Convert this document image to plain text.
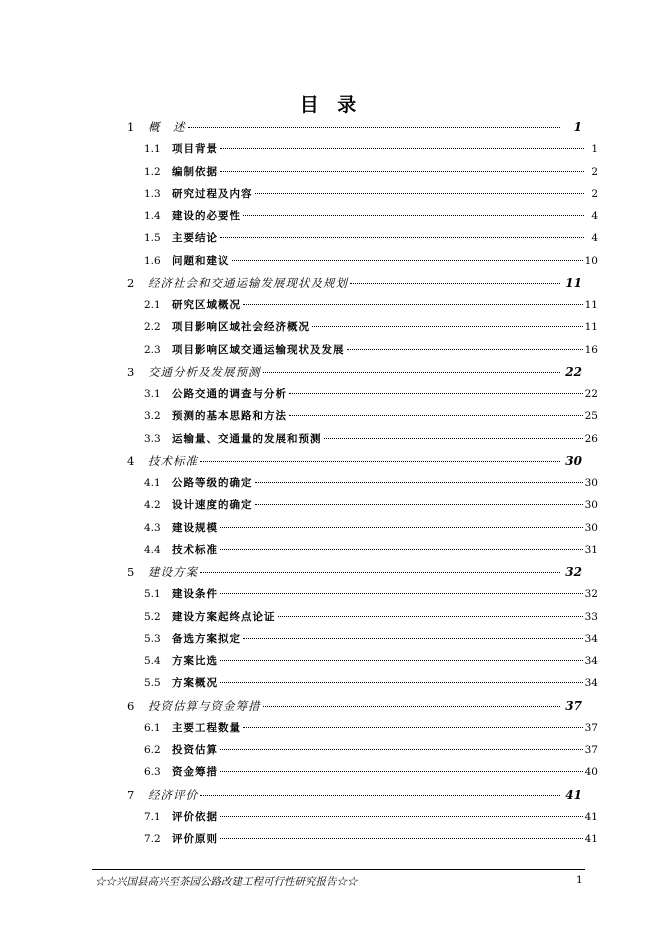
目 录
1	概　述	1
1.1	项目背景	1
1.2	编制依据	2
1.3	研究过程及内容	2
1.4	建设的必要性	4
1.5	主要结论	4
1.6	问题和建议	10
2	经济社会和交通运输发展现状及规划	11
2.1	研究区域概况	11
2.2	项目影响区域社会经济概况	11
2.3	项目影响区域交通运输现状及发展	16
3	交通分析及发展预测	22
3.1	公路交通的调查与分析	22
3.2	预测的基本思路和方法	25
3.3	运输量、交通量的发展和预测	26
4	技术标准	30
4.1	公路等级的确定	30
4.2	设计速度的确定	30
4.3	建设规模	30
4.4	技术标准	31
5	建设方案	32
5.1	建设条件	32
5.2	建设方案起终点论证	33
5.3	备选方案拟定	34
5.4	方案比选	34
5.5	方案概况	34
6	投资估算与资金筹措	37
6.1	主要工程数量	37
6.2	投资估算	37
6.3	资金筹措	40
7	经济评价	41
7.1	评价依据	41
7.2	评价原则	41
☆☆兴国县高兴至茶园公路改建工程可行性研究报告☆☆	1
